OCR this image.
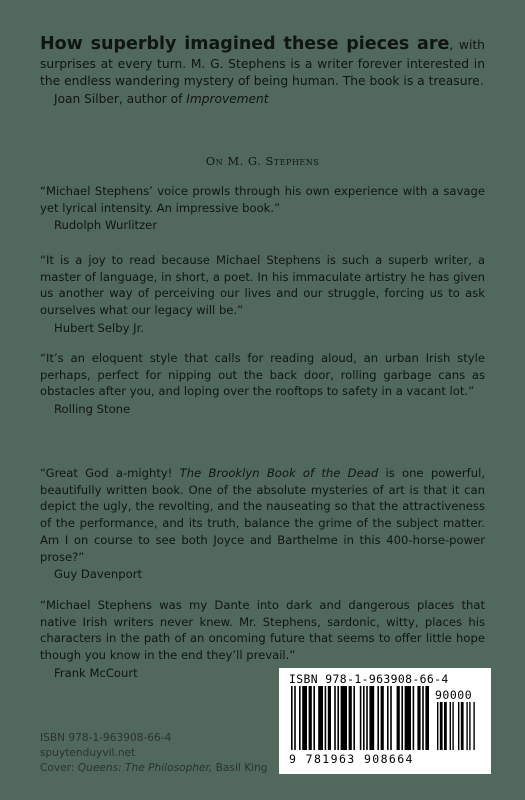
How superbly imagined these pieces are, with surprises at every turn. M. G. Stephens is a writer forever interested in the endless wandering mystery of being human. The book is a treasure.
Joan Silber, author of Improvement
On M. G. Stephens
“Michael Stephens’ voice prowls through his own experience with a savage yet lyrical intensity. An impressive book.”
Rudolph Wurlitzer
“It is a joy to read because Michael Stephens is such a superb writer, a master of language, in short, a poet. In his immaculate artistry he has given us another way of perceiving our lives and our struggle, forcing us to ask ourselves what our legacy will be.”
Hubert Selby Jr.
“It’s an eloquent style that calls for reading aloud, an urban Irish style perhaps, perfect for nipping out the back door, rolling garbage cans as obstacles after you, and loping over the rooftops to safety in a vacant lot.”
Rolling Stone
“Great God a-mighty! The Brooklyn Book of the Dead is one powerful, beautifully written book. One of the absolute mysteries of art is that it can depict the ugly, the revolting, and the nauseating so that the attractiveness of the performance, and its truth, balance the grime of the subject matter. Am I on course to see both Joyce and Barthelme in this 400-horse-power prose?”
Guy Davenport
“Michael Stephens was my Dante into dark and dangerous places that native Irish writers never knew. Mr. Stephens, sardonic, witty, places his characters in the path of an oncoming future that seems to offer little hope though you know in the end they’ll prevail.”
Frank McCourt
ISBN 978-1-963908-66-4
spuytenduyvil.net
Cover: Queens: The Philosopher, Basil King
ISBN 978-1-963908-66-4
90000
9 781963 908664
